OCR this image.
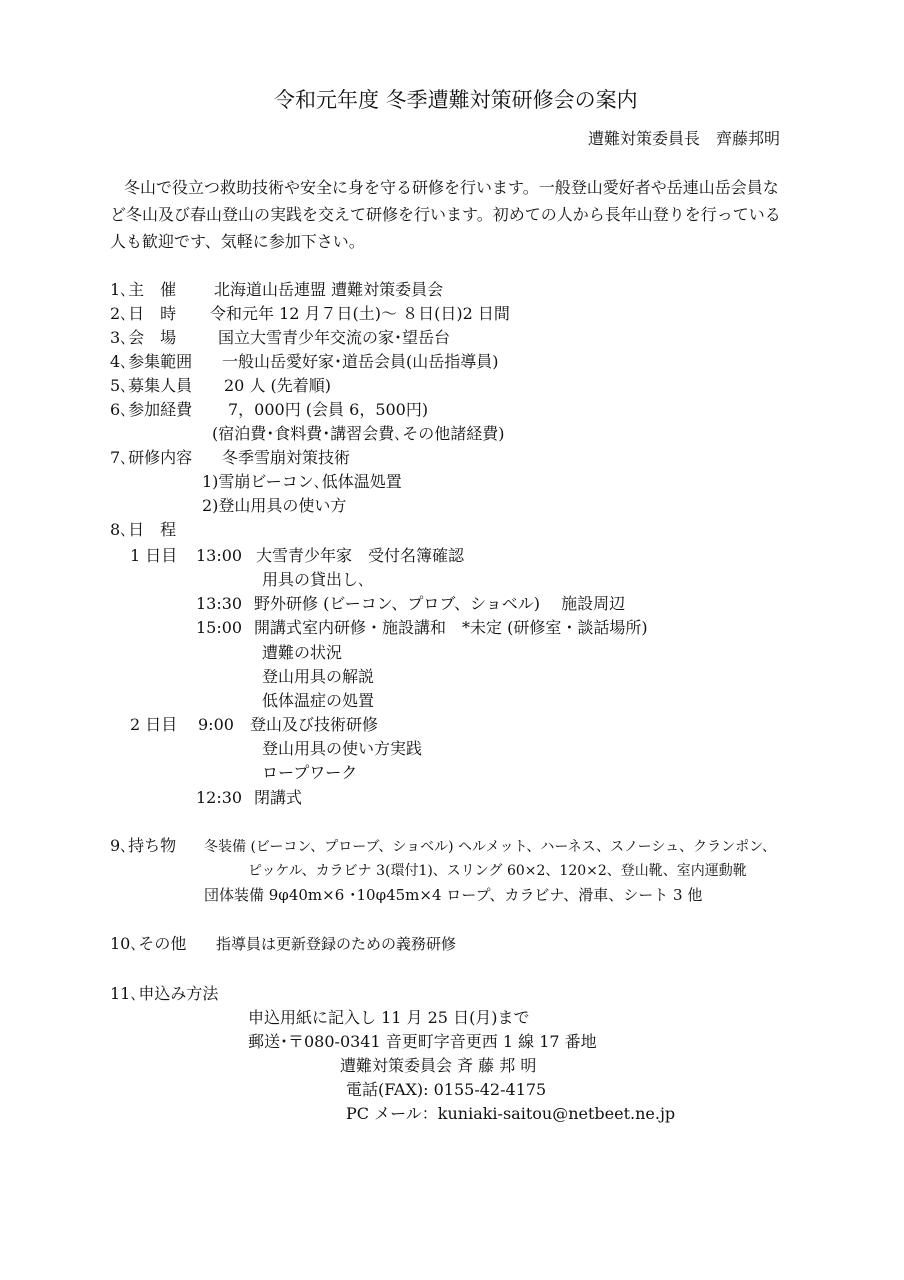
令和元年度 冬季遭難対策研修会の案内
遭難対策委員長　齊藤邦明
冬山で役立つ救助技術や安全に身を守る研修を行います。一般登山愛好者や岳連山岳会員な
ど冬山及び春山登山の実践を交えて研修を行います。初めての人から長年山登りを行っている
人も歓迎です、気軽に参加下さい。
1､主　催 北海道山岳連盟 遭難対策委員会
2､日　時 令和元年 12 月７日(土)～ ８日(日)2 日間
3､会　場	国立大雪青少年交流の家･望岳台
4､参集範囲 一般山岳愛好家･道岳会員(山岳指導員)
5､募集人員 20 人 (先着順)
6､参加経費 7，000円 (会員 6，500円)
(宿泊費･食料費･講習会費､その他諸経費)
7､研修内容 冬季雪崩対策技術
1)雪崩ビーコン､低体温処置
2)登山用具の使い方
8､日　程
1 日目 13:00 大雪青少年家　受付名簿確認
用具の貸出し､
13:30 野外研修 (ビーコン、プロブ、ショベル)　 施設周辺
15:00 開講式室内研修・施設講和　*未定 (研修室・談話場所)
遭難の状況
登山用具の解説
低体温症の処置
2 日目 9:00 登山及び技術研修
登山用具の使い方実践
ロープワーク
12:30 閉講式
9､持ち物 冬装備 (ビーコン、プローブ、ショベル) ヘルメット、ハーネス、スノーシュ、クランポン、
ピッケル、カラビナ 3(環付1)、スリング 60×2、120×2、登山靴、室内運動靴
団体装備 9φ40m×6 ･10φ45m×4 ロープ、カラビナ、滑車、シート 3 他
10､その他 指導員は更新登録のための義務研修
11､申込み方法
申込用紙に記入し 11 月 25 日(月)まで
郵送･〒080-0341 音更町字音更西 1 線 17 番地
遭難対策委員会 斉 藤 邦 明
電話(FAX): 0155-42-4175
PC メール：kuniaki-saitou@netbeet.ne.jp
